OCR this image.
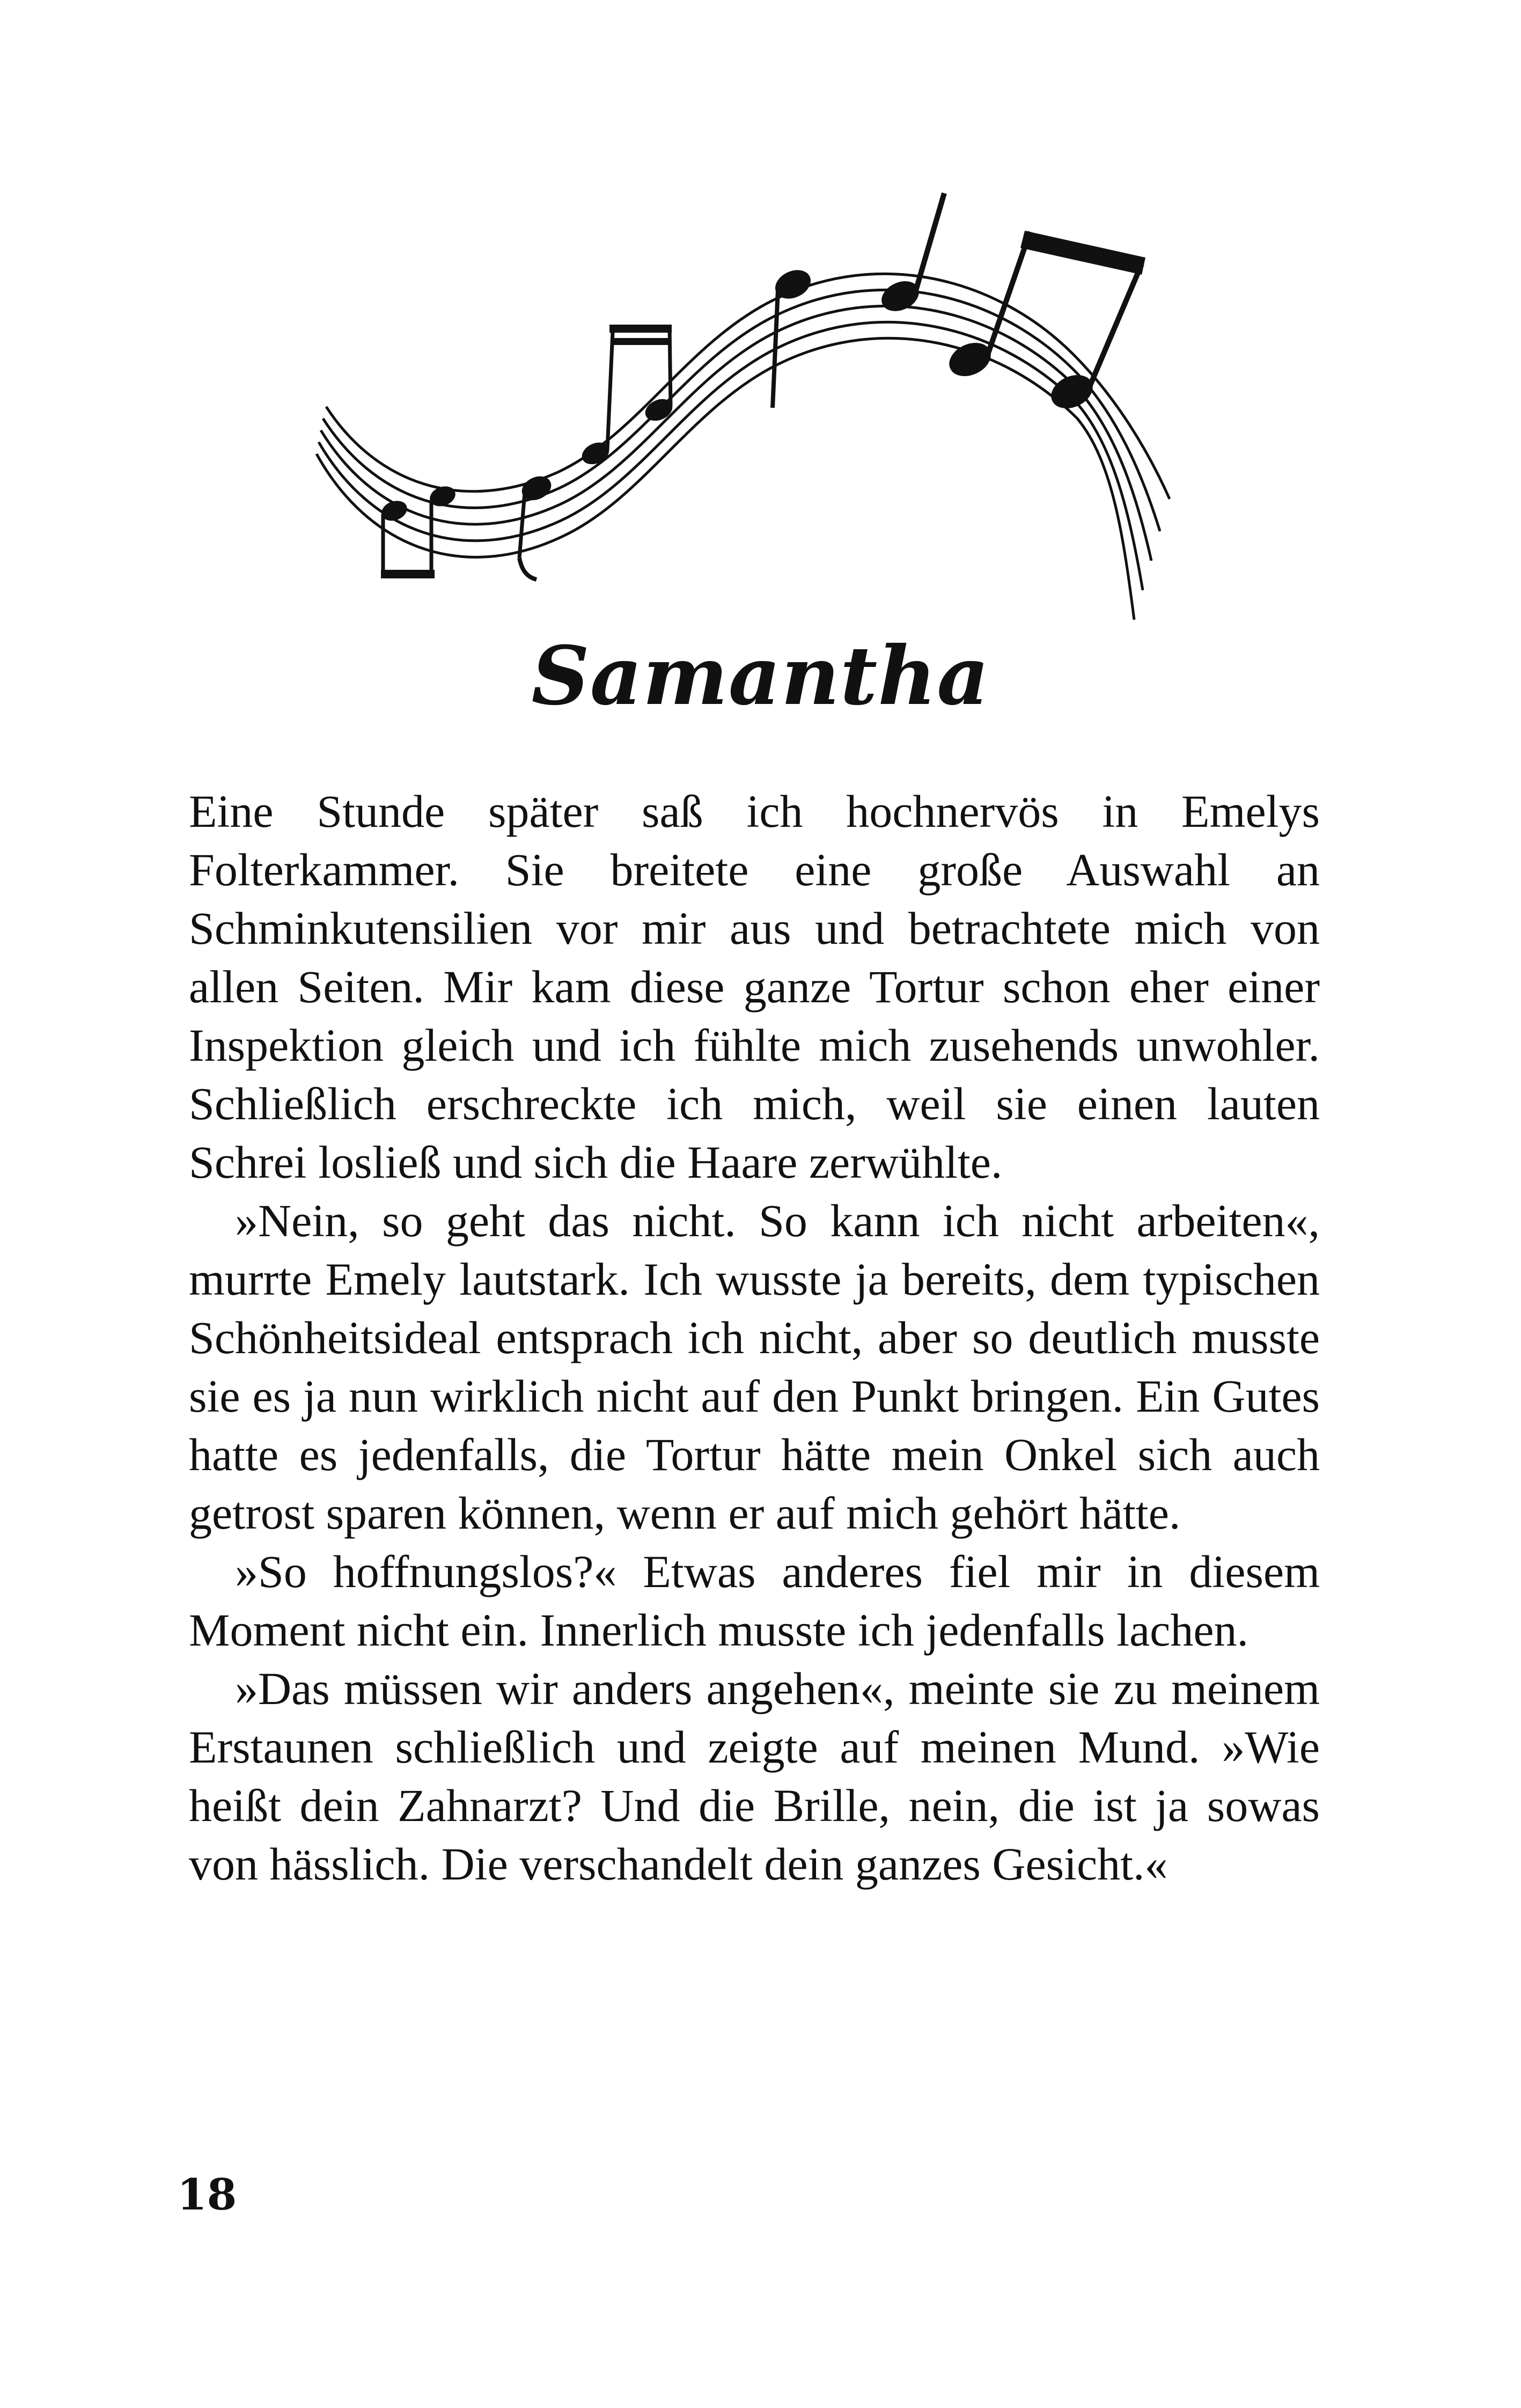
Samantha

Eine Stunde später saß ich hochnervös in Emelys Folterkammer. Sie breitete eine große Auswahl an Schminkutensilien vor mir aus und betrachtete mich von allen Seiten. Mir kam diese ganze Tortur schon eher einer Inspektion gleich und ich fühlte mich zusehends unwohler. Schließlich erschreckte ich mich, weil sie einen lauten Schrei losließ und sich die Haare zerwühlte.

»Nein, so geht das nicht. So kann ich nicht arbeiten«, murrte Emely lautstark. Ich wusste ja bereits, dem typischen Schönheitsideal entsprach ich nicht, aber so deutlich musste sie es ja nun wirklich nicht auf den Punkt bringen. Ein Gutes hatte es jedenfalls, die Tortur hätte mein Onkel sich auch getrost sparen können, wenn er auf mich gehört hätte.

»So hoffnungslos?« Etwas anderes fiel mir in diesem Moment nicht ein. Innerlich musste ich jedenfalls lachen.

»Das müssen wir anders angehen«, meinte sie zu meinem Erstaunen schließlich und zeigte auf meinen Mund. »Wie heißt dein Zahnarzt? Und die Brille, nein, die ist ja sowas von hässlich. Die verschandelt dein ganzes Gesicht.«

18
